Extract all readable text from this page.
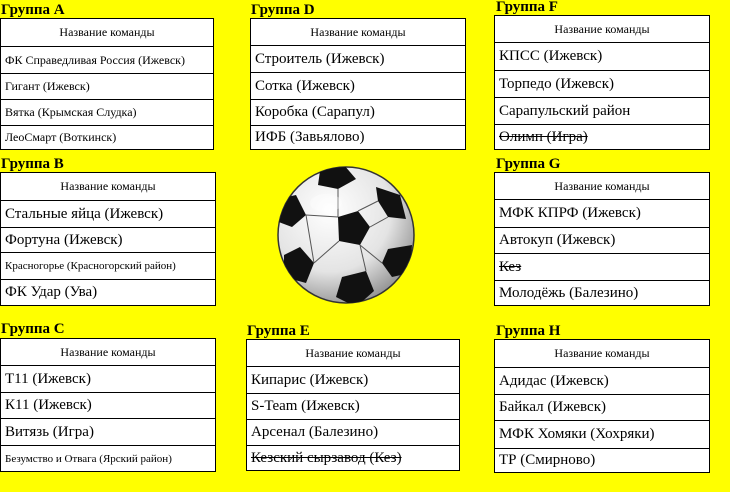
Группа А
Название команды
ФК Справедливая Россия (Ижевск)
Гигант (Ижевск)
Вятка (Крымская Слудка)
ЛеоСмарт (Воткинск)
Группа D
Название команды
Строитель (Ижевск)
Сотка (Ижевск)
Коробка (Сарапул)
ИФБ (Завьялово)
Группа F
Название команды
КПСС (Ижевск)
Торпедо (Ижевск)
Сарапульский район
Олимп (Игра)
Группа В
Название команды
Стальные яйца (Ижевск)
Фортуна (Ижевск)
Красногорье (Красногорский район)
ФК Удар (Ува)
Группа G
Название команды
МФК КПРФ (Ижевск)
Автокуп (Ижевск)
Кез
Молодёжь (Балезино)
Группа С
Название команды
Т11 (Ижевск)
К11 (Ижевск)
Витязь (Игра)
Безумство и Отвага (Ярский район)
Группа Е
Название команды
Кипарис (Ижевск)
S-Team (Ижевск)
Арсенал (Балезино)
Кезский сырзавод (Кез)
Группа Н
Название команды
Адидас (Ижевск)
Байкал (Ижевск)
МФК Хомяки (Хохряки)
ТР (Смирново)
